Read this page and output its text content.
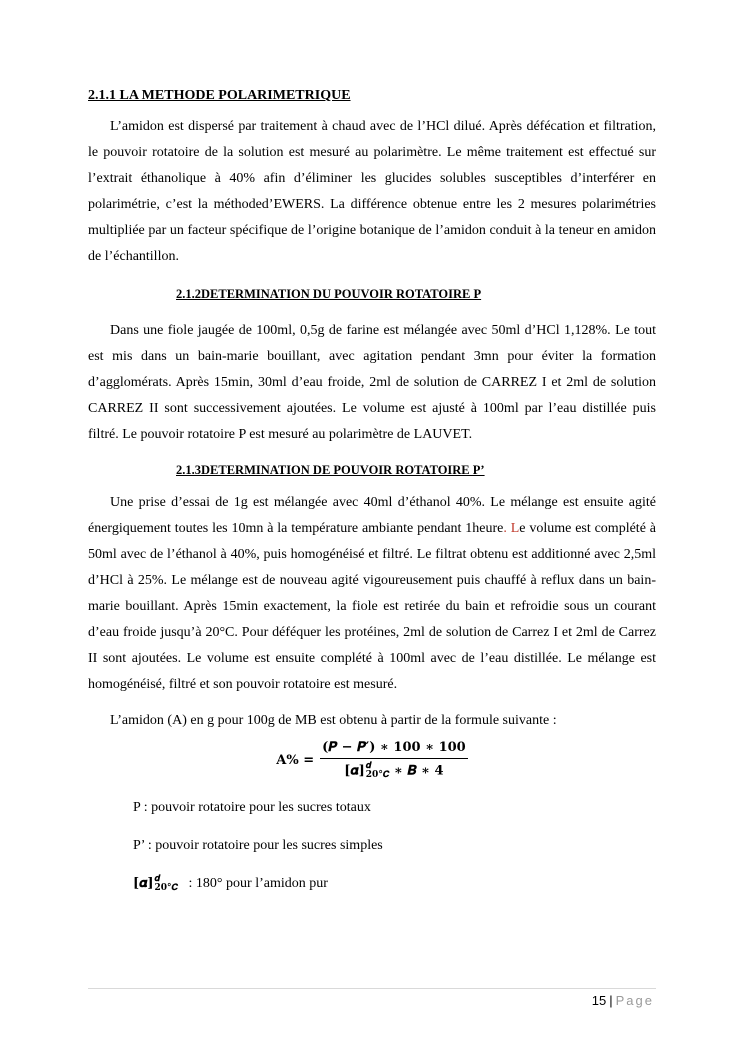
2.1.1 LA METHODE POLARIMETRIQUE

L’amidon est dispersé par traitement à chaud avec de l’HCl dilué. Après défécation et filtration, le pouvoir rotatoire de la solution est mesuré au polarimètre. Le même traitement est effectué sur l’extrait éthanolique à 40% afin d’éliminer les glucides solubles susceptibles d’interférer en polarimétrie, c’est la méthoded’EWERS. La différence obtenue entre les 2 mesures polarimétries multipliée par un facteur spécifique de l’origine botanique de l’amidon conduit à la teneur en amidon de l’échantillon.

2.1.2DETERMINATION DU POUVOIR ROTATOIRE P

Dans une fiole jaugée de 100ml, 0,5g de farine est mélangée avec 50ml d’HCl 1,128%. Le tout est mis dans un bain-marie bouillant, avec agitation pendant 3mn pour éviter la formation d’agglomérats. Après 15min, 30ml d’eau froide, 2ml de solution de CARREZ I et 2ml de solution CARREZ II sont successivement ajoutées. Le volume est ajusté à 100ml par l’eau distillée puis filtré. Le pouvoir rotatoire P est mesuré au polarimètre de LAUVET.

2.1.3DETERMINATION DE POUVOIR ROTATOIRE P’

Une prise d’essai de 1g est mélangée avec 40ml d’éthanol 40%. Le mélange est ensuite agité énergiquement toutes les 10mn à la température ambiante pendant 1heure. Le volume est complété à 50ml avec de l’éthanol à 40%, puis homogénéisé et filtré. Le filtrat obtenu est additionné avec 2,5ml d’HCl à 25%. Le mélange est de nouveau agité vigoureusement puis chauffé à reflux dans un bain-marie bouillant. Après 15min exactement, la fiole est retirée du bain et refroidie sous un courant d’eau froide jusqu’à 20°C. Pour déféquer les protéines, 2ml de solution de Carrez I et 2ml de Carrez II sont ajoutées. Le volume est ensuite complété à 100ml avec de l’eau distillée. Le mélange est homogénéisé, filtré et son pouvoir rotatoire est mesuré.

L’amidon (A) en g pour 100g de MB est obtenu à partir de la formule suivante :

A% = (𝑷 − 𝑷′) ∗ 𝟏𝟎𝟎 ∗ 𝟏𝟎𝟎
[𝜶] 𝒅
𝟐𝟎°𝑪 ∗ 𝑩 ∗ 𝟒

P : pouvoir rotatoire pour les sucres totaux

P’ : pouvoir rotatoire pour les sucres simples

[𝜶] 𝒅
𝟐𝟎°𝑪 : 180° pour l’amidon pur

15 | Page
